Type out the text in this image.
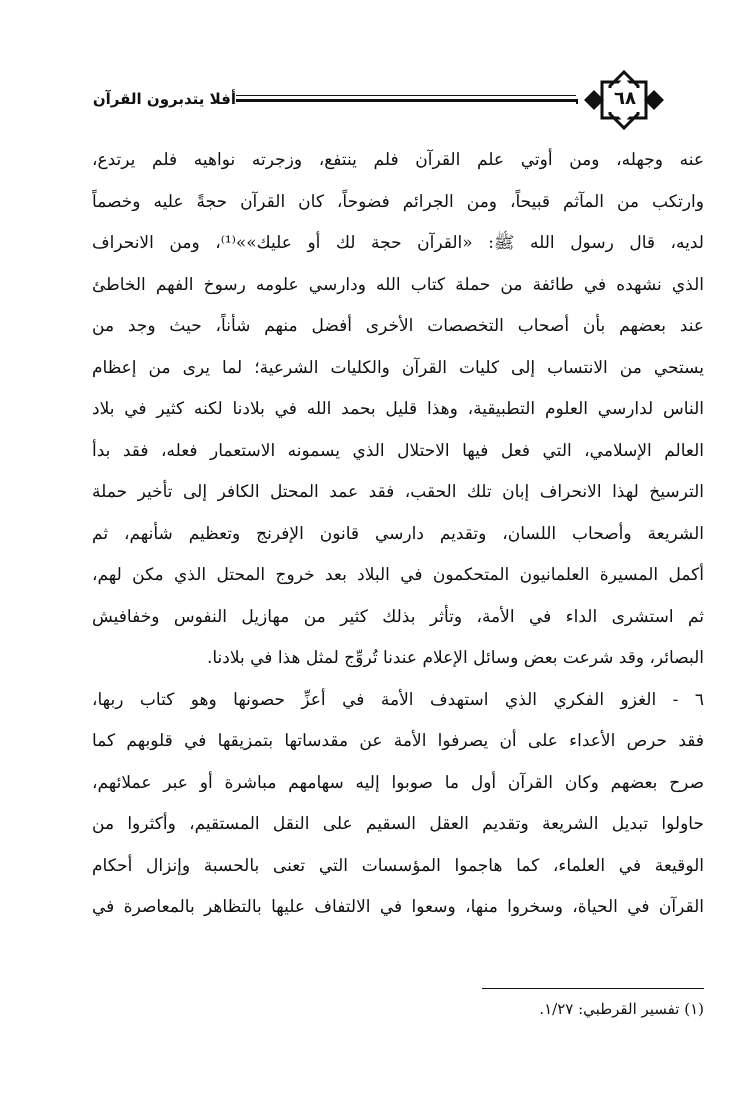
أفلا يتدبرون القرآن	٦٨
عنه وجهله، ومن أوتي علم القرآن فلم ينتفع، وزجرته نواهيه فلم يرتدع،
وارتكب من المآثم قبيحاً، ومن الجرائم فضوحاً، كان القرآن حجةً عليه وخصماً
لديه، قال رسول الله ﷺ: «القرآن حجة لك أو عليك»»⁽¹⁾، ومن الانحراف
الذي نشهده في طائفة من حملة كتاب الله ودارسي علومه رسوخ الفهم الخاطئ
عند بعضهم بأن أصحاب التخصصات الأخرى أفضل منهم شأناً، حيث وجد من
يستحي من الانتساب إلى كليات القرآن والكليات الشرعية؛ لما يرى من إعظام
الناس لدارسي العلوم التطبيقية، وهذا قليل بحمد الله في بلادنا لكنه كثير في بلاد
العالم الإسلامي، التي فعل فيها الاحتلال الذي يسمونه الاستعمار فعله، فقد بدأ
الترسيخ لهذا الانحراف إبان تلك الحقب، فقد عمد المحتل الكافر إلى تأخير حملة
الشريعة وأصحاب اللسان، وتقديم دارسي قانون الإفرنج وتعظيم شأنهم، ثم
أكمل المسيرة العلمانيون المتحكمون في البلاد بعد خروج المحتل الذي مكن لهم،
ثم استشرى الداء في الأمة، وتأثر بذلك كثير من مهازيل النفوس وخفافيش
البصائر، وقد شرعت بعض وسائل الإعلام عندنا تُروِّج لمثل هذا في بلادنا.
٦ - الغزو الفكري الذي استهدف الأمة في أعزِّ حصونها وهو كتاب ربها،
فقد حرص الأعداء على أن يصرفوا الأمة عن مقدساتها بتمزيقها في قلوبهم كما
صرح بعضهم وكان القرآن أول ما صوبوا إليه سهامهم مباشرة أو عبر عملائهم،
حاولوا تبديل الشريعة وتقديم العقل السقيم على النقل المستقيم، وأكثروا من
الوقيعة في العلماء، كما هاجموا المؤسسات التي تعنى بالحسبة وإنزال أحكام
القرآن في الحياة، وسخروا منها، وسعوا في الالتفاف عليها بالتظاهر بالمعاصرة في
(١) تفسير القرطبي: ١/٢٧.
